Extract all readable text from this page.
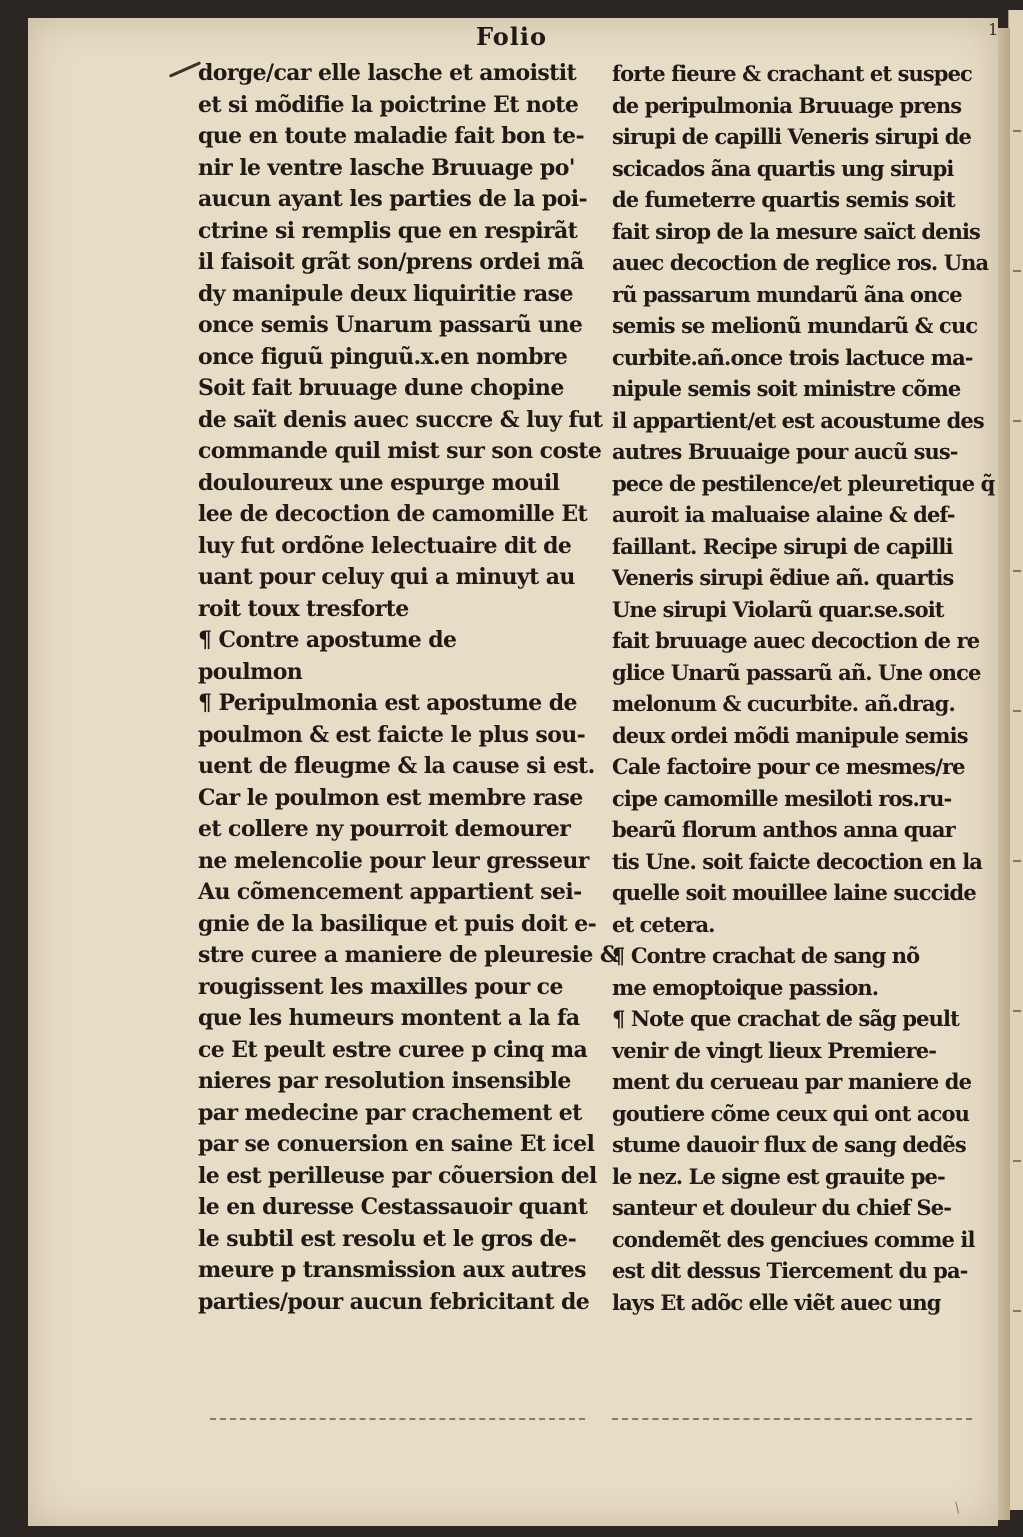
Folio	1

/

dorge/car elle lasche et amoistit
et si mõdifie la poictrine Et note
que en toute maladie fait bon te-
nir le ventre lasche Bruuage po'
aucun ayant les parties de la poi-
ctrine si remplis que en respirãt
il faisoit grãt son/prens ordei mã
dy manipule deux liquiritie rase
once semis Unarum passarũ une
once figuũ pinguũ.x.en nombre
Soit fait bruuage dune chopine
de saït denis auec succre & luy fut
commande quil mist sur son coste
douloureux une espurge mouil
lee de decoction de camomille Et
luy fut ordõne lelectuaire dit de
uant pour celuy qui a minuyt au
roit toux tresforte
¶ Contre apostume de
poulmon
¶ Peripulmonia est apostume de
poulmon & est faicte le plus sou-
uent de fleugme & la cause si est.
Car le poulmon est membre rase
et collere ny pourroit demourer
ne melencolie pour leur gresseur
Au cõmencement appartient sei-
gnie de la basilique et puis doit e-
stre curee a maniere de pleuresie &
rougissent les maxilles pour ce
que les humeurs montent a la fa
ce Et peult estre curee p cinq ma
nieres par resolution insensible
par medecine par crachement et
par se conuersion en saine Et icel
le est perilleuse par cõuersion del
le en duresse Cestassauoir quant
le subtil est resolu et le gros de-
meure p transmission aux autres
parties/pour aucun febricitant de
forte fieure & crachant et suspec
de peripulmonia Bruuage prens
sirupi de capilli Veneris sirupi de
scicados ãna quartis ung sirupi
de fumeterre quartis semis soit
fait sirop de la mesure saïct denis
auec decoction de reglice ros. Una
rũ passarum mundarũ ãna once
semis se melionũ mundarũ & cuc
curbite.añ.once trois lactuce ma-
nipule semis soit ministre cõme
il appartient/et est acoustume des
autres Bruuaige pour aucũ sus-
pece de pestilence/et pleuretique q̃
auroit ia maluaise alaine & def-
faillant. Recipe sirupi de capilli
Veneris sirupi ẽdiue añ. quartis
Une sirupi Violarũ quar.se.soit
fait bruuage auec decoction de re
glice Unarũ passarũ añ. Une once
melonum & cucurbite. añ.drag.
deux ordei mõdi manipule semis
Cale factoire pour ce mesmes/re
cipe camomille mesiloti ros.ru-
bearũ florum anthos anna quar
tis Une. soit faicte decoction en la
quelle soit mouillee laine succide
et cetera.
¶ Contre crachat de sang nõ
me emoptoique passion.
¶ Note que crachat de sãg peult
venir de vingt lieux Premiere-
ment du cerueau par maniere de
goutiere cõme ceux qui ont acou
stume dauoir flux de sang dedẽs
le nez. Le signe est grauite pe-
santeur et douleur du chief Se-
condemẽt des genciues comme il
est dit dessus Tiercement du pa-
lays Et adõc elle viẽt auec ung
